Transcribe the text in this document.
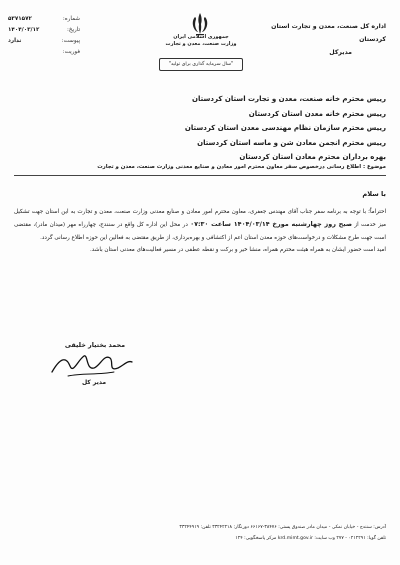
اداره کل صنعت، معدن و تجارت استان کردستان
مدیرکل
جمهوری اسلامی ایران
وزارت صنعت، معدن و تجارت
"سال سرمایه گذاری برای تولید"
شماره:
۵۳۷۱۵۷۲
تاریخ:
۱۴۰۴/۰۳/۱۲
پیوست:
ندارد
فوریت:
رییس محترم خانه صنعت، معدن و تجارت استان کردستان
رییس محترم خانه معدن استان کردستان
رییس محترم سازمان نظام مهندسی معدن استان کردستان
رییس محترم انجمن معادن شن و ماسه استان کردستان
بهره برداران محترم معادن استان کردستان
موضوع : اطلاع رسانی درخصوص سفر معاون محترم امور معادن و صنایع معدنی وزارت صنعت، معدن و تجارت
با سلام

احتراماً؛ با توجه به برنامه سفر جناب آقای مهندس جعفری، معاون محترم امور معادن و صنایع معدنی وزارت صنعت، معدن و تجارت به این استان جهت تشکیل میز خدمت از صبح روز چهارشنبه مورخ ۱۴۰۴/۰۳/۱۴ ساعت ۰۷:۳۰ در محل این اداره کل واقع در سنندج، چهارراه مهر (میدان مادر)، مقتضی است جهت طرح مشکلات و درخواست‌های حوزه معدن استان اعم از اکتشافی و بهره‌برداری، از طریق مقتضی به فعالین این حوزه اطلاع رسانی گردد.

امید است حضور ایشان به همراه هیئت محترم همراه، منشا خیر و برکت و نقطه عطفی در مسیر فعالیت‌های معدنی استان باشد.

محمد بختیار خلیقی
مدیر کل
آدرس: سنندج - خیابان نمکی - میدان مادر صندوق پستی: ۳۸۴۷۶-۶۶۱۶۷ دورنگار: ۳۳۲۴۲۲۱۸ تلفن: ۳۳۲۴۴۹۱۹
تلفن گویا: ۰۲۱۲۲۹۱ - ۲۷۷ وب سایت: krd.mimt.gov.ir مرکز پاسخگویی: ۱۲۴
